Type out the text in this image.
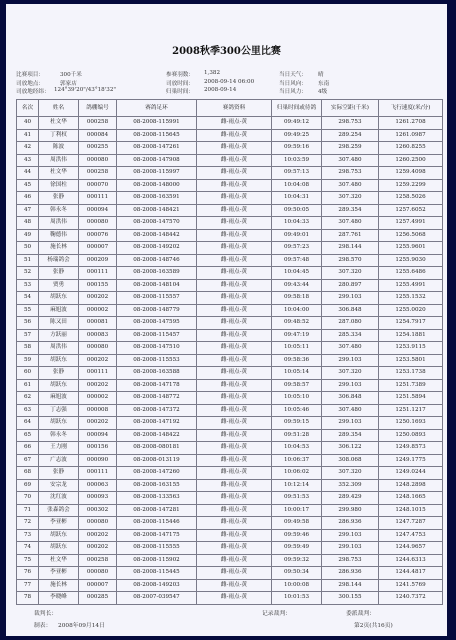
2008秋季300公里比赛
比赛项目：	300千米	参赛羽数： 1,382	当日天气： 晴
司放地点：	郭家店	司放时间： 2008-09-14 06:00	当日风向： 东南
司放地经纬： 124°39'20"/43°18'32"	归巢时间： 2008-09-14	当日风力： 4级
名次	姓名	鸽棚编号	赛鸽足环	赛鸽资料	归巢时间或待鸽	实际空距(千米)	飞行速度(米/分)
40	杜文华	000258	08-2008-115991	雌-雨点-黄	09:49:12	298.753	1261.2708
41	丁利权	000084	08-2008-115645	雌-雨点-黄	09:49:25	289.254	1261.0987
42	陈波	000255	08-2008-147261	雌-雨点-黄	09:59:16	298.259	1260.8255
43	周洪伟	000080	08-2008-147908	雌-雨点-黄	10:03:59	307.480	1260.2500
44	杜文华	000258	08-2008-115997	雌-雨点-黄	09:57:13	298.753	1259.4098
45	徐国柱	000070	08-2008-148000	雌-雨点-黄	10:04:08	307.480	1259.2299
46	张静	000111	08-2008-163591	雌-雨点-黄	10:04:31	307.320	1258.5026
47	韩永冬	000094	08-2008-148421	雌-雨点-黄	09:50:05	289.354	1257.6052
48	周洪伟	000080	08-2008-147570	雌-雨点-黄	10:04:33	307.480	1257.4991
49	鞠德伟	000076	08-2008-148442	雌-雨点-黄	09:49:01	287.761	1256.5068
50	施长林	000007	08-2008-149202	雌-雨点-黄	09:57:23	298.144	1255.9601
51	杨瑞鸽会	000209	08-2008-148746	雌-雨点-黄	09:57:48	298.570	1255.9030
52	张静	000111	08-2008-163589	雌-雨点-黄	10:04:45	307.320	1255.6486
53	贾勇	000155	08-2008-148104	雌-雨点-黄	09:43:44	280.897	1255.4991
54	胡跃东	000202	08-2008-115557	雌-雨点-黄	09:58:18	299.103	1255.1532
55	麻旭波	000002	08-2008-148779	雌-雨点-黄	10:04:00	306.848	1255.0020
56	陈又田	000081	08-2008-147595	雌-雨点-黄	09:48:52	287.080	1254.7917
57	方跃丽	000083	08-2008-115457	雌-雨点-黄	09:47:19	285.334	1254.1881
58	周洪伟	000080	08-2008-147510	雌-雨点-黄	10:05:11	307.480	1253.9115
59	胡跃东	000202	08-2008-115553	雌-雨点-黄	09:58:36	299.103	1253.5801
60	张静	000111	08-2008-163588	雌-雨点-黄	10:05:14	307.320	1253.1738
61	胡跃东	000202	08-2008-147178	雌-雨点-黄	09:58:57	299.103	1251.7389
62	麻旭波	000002	08-2008-148772	雌-雨点-黄	10:05:10	306.848	1251.5894
63	丁志强	000008	08-2008-147372	雌-雨点-黄	10:05:46	307.480	1251.1217
64	胡跃东	000202	08-2008-147192	雌-雨点-黄	09:59:15	299.103	1250.1693
65	韩永冬	000094	08-2008-148422	雌-雨点-黄	09:51:28	289.354	1250.0893
66	王力刚	000156	08-2008-080181	雌-雨点-黄	10:04:53	306.122	1249.8573
67	广志波	000090	08-2008-013119	雌-雨点-黄	10:06:37	308.068	1249.1775
68	张静	000111	08-2008-147260	雌-雨点-黄	10:06:02	307.320	1249.0244
69	安宗龙	000063	08-2008-163155	雌-雨点-黄	10:12:14	352.309	1248.2898
70	沈红波	000093	08-2008-133563	雌-雨点-黄	09:51:53	289.429	1248.1665
71	张森鸽会	000302	08-2008-147281	雌-雨点-黄	10:00:17	299.980	1248.1015
72	李亚彬	000080	08-2008-115446	雌-雨点-黄	09:49:58	286.936	1247.7287
73	胡跃东	000202	08-2008-147175	雌-雨点-黄	09:59:46	299.103	1247.4753
74	胡跃东	000202	08-2008-115555	雌-雨点-黄	09:59:49	299.103	1244.9657
75	杜文华	000258	08-2008-115902	雌-雨点-黄	09:59:32	298.753	1244.6313
76	李亚彬	000080	08-2008-115445	雌-雨点-黄	09:50:34	286.936	1244.4817
77	施长林	000007	08-2008-149203	雌-雨点-黄	10:00:08	298.144	1241.5769
78	李晓峰	000285	08-2007-039547	雌-雨点-黄	10:01:53	300.155	1240.7372
裁判长：	记录裁判：	委派裁判：
制表： 2008年09月14日	第2页(共16页)
